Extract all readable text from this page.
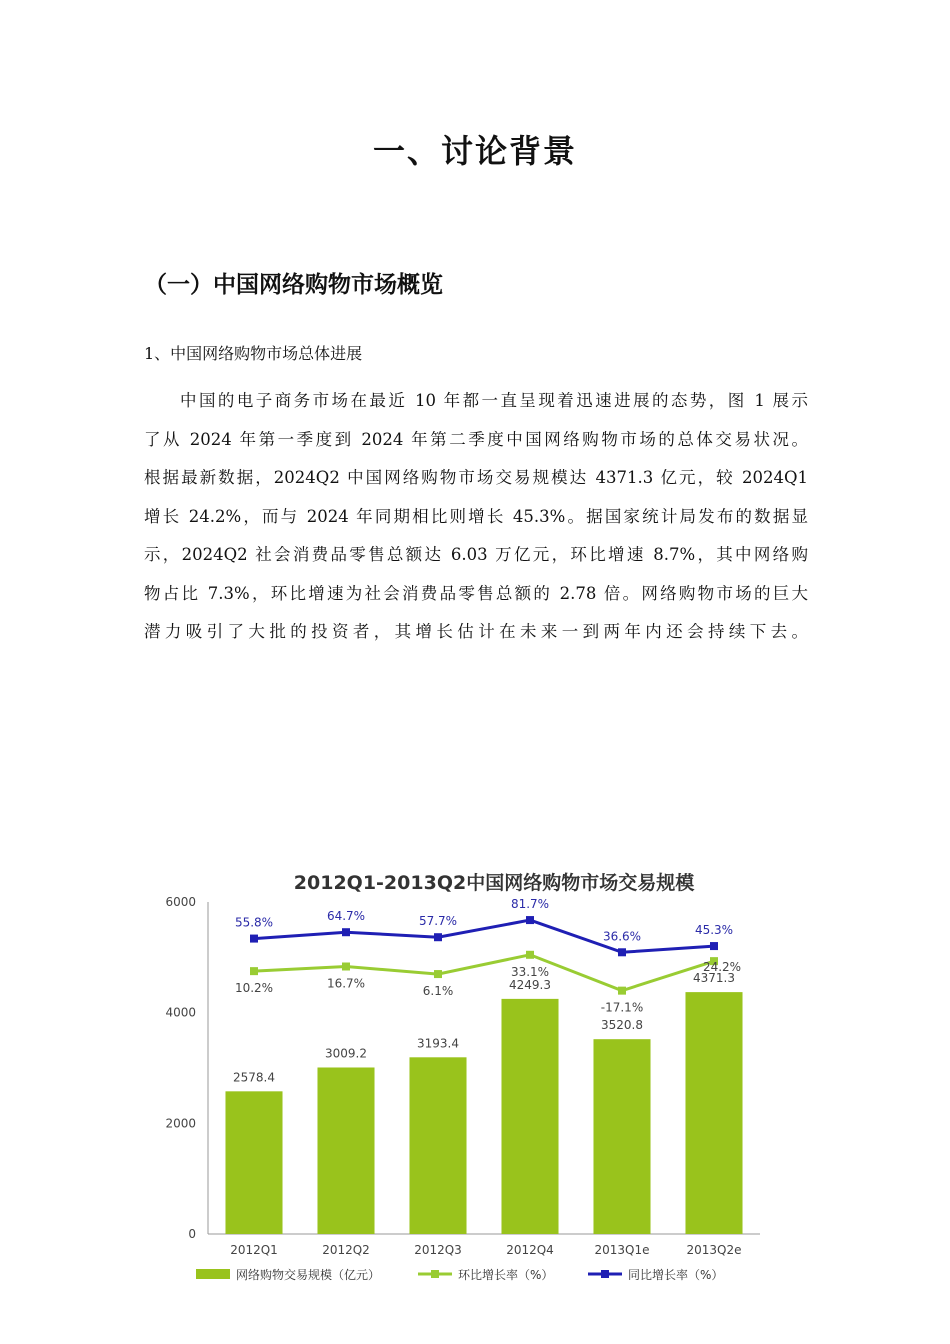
一、讨论背景
（一）中国网络购物市场概览
1、中国网络购物市场总体进展
中国的电子商务市场在最近 10 年都一直呈现着迅速进展的态势，图 1 展示
了从 2024 年第一季度到 2024 年第二季度中国网络购物市场的总体交易状况。
根据最新数据，2024Q2 中国网络购物市场交易规模达 4371.3 亿元，较 2024Q1
增长 24.2%，而与 2024 年同期相比则增长 45.3%。据国家统计局发布的数据显
示，2024Q2 社会消费品零售总额达 6.03 万亿元，环比增速 8.7%，其中网络购
物占比 7.3%，环比增速为社会消费品零售总额的 2.78 倍。网络购物市场的巨大
潜力吸引了大批的投资者，其增长估计在未来一到两年内还会持续下去。
2012Q1-2013Q2中国网络购物市场交易规模
0
2000
4000
6000
2012Q1	2012Q2	2012Q3	2012Q4	2013Q1e	2013Q2e
55.8%	64.7%	57.7%
81.7%
36.6%	45.3%
10.2%	16.7%
6.1%
33.1%
-17.1%
24.2%
2578.4
3009.2
3193.4
4249.3
3520.8
4371.3
网络购物交易规模（亿元）	环比增长率（%）	同比增长率（%）
